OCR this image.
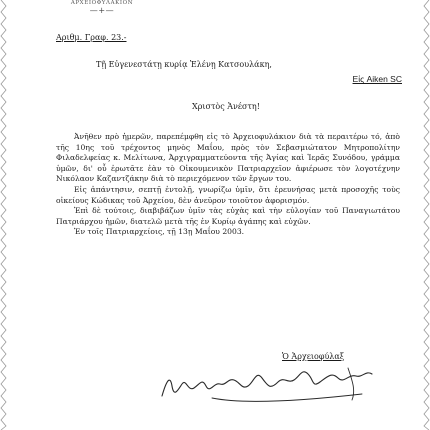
ΑΡΧΕΙΟΦΥΛΑΚΙΟΝ
—+—
Αριθμ. Γραφ. 23.-
Τῇ Εὐγενεστάτῃ κυρίᾳ Ἑλένῃ Κατσουλάκη,
Εἰς Aiken SC
Χριστὸς Ἀνέστη!

Ἀνῆθεν πρὸ ἡμερῶν, παρεπέμφθη εἰς τὸ Ἀρχειοφυλάκιον διὰ τὰ περαιτέρω τό, ἀπὸ τῆς 10ης τοῦ τρέχοντος μηνὸς Μαΐου, πρὸς τὸν Σεβασμιώτατον Μητροπολίτην Φιλαδελφείας κ. Μελίτωνα, Ἀρχιγραμματεύοντα τῆς Ἁγίας καὶ Ἱερᾶς Συνόδου, γράμμα ὑμῶν, δι' οὗ ἐρωτᾶτε ἐὰν τὸ Οἰκουμενικὸν Πατριαρχεῖον ἀφιέρωσε τὸν λογοτέχνην Νικόλαον Καζαντζάκην διὰ τὸ περιεχόμενον τῶν ἔργων του.

Εἰς ἀπάντησιν, σεπτῇ ἐντολῇ, γνωρίζω ὑμῖν, ὅτι ἐρευνήσας μετὰ προσοχῆς τοὺς οἰκείους Κώδικας τοῦ Ἀρχείου, δὲν ἀνεῦρον τοιοῦτον ἀφορισμόν.

Ἐπὶ δὲ τούτοις, διαβιβάζων ὑμῖν τὰς εὐχὰς καὶ τὴν εὐλογίαν τοῦ Παναγιωτάτου Πατριάρχου ἡμῶν, διατελῶ μετὰ τῆς ἐν Κυρίῳ ἀγάπης καὶ εὐχῶν.

Ἐν τοῖς Πατριαρχείοις, τῇ 13ῃ Μαΐου 2003.

Ὁ Ἀρχειοφύλαξ
